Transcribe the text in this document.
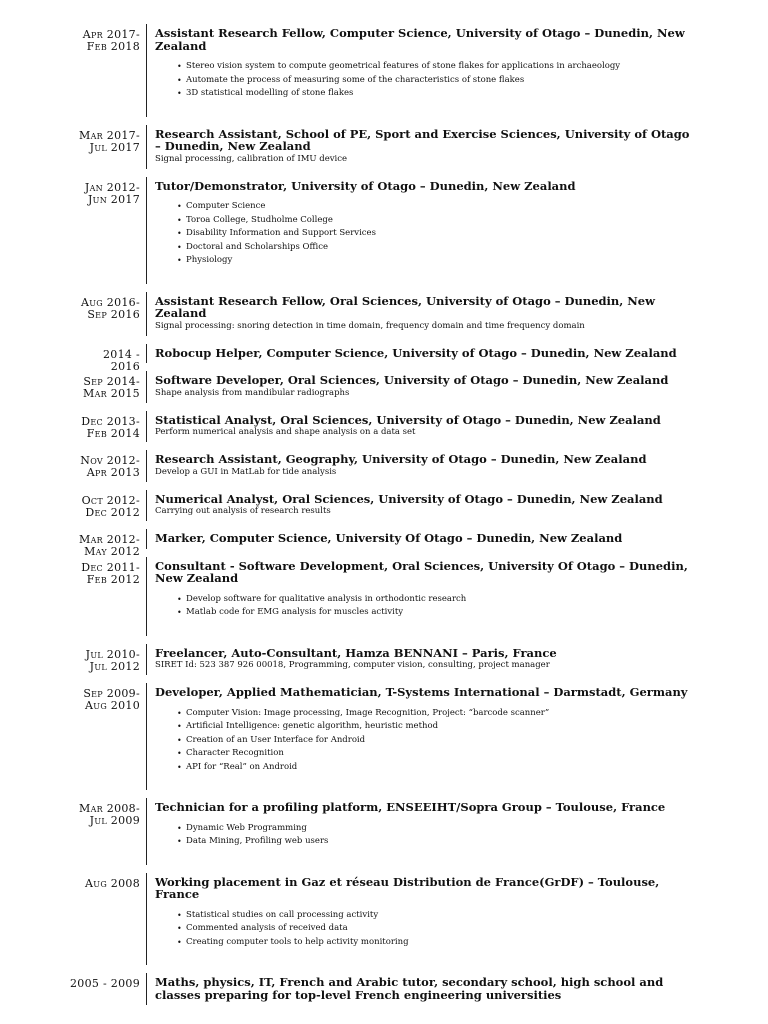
Apr 2017-
Feb 2018
Assistant Research Fellow, Computer Science, University of Otago – Dunedin, New Zealand
• Stereo vision system to compute geometrical features of stone flakes for applications in archaeology
• Automate the process of measuring some of the characteristics of stone flakes
• 3D statistical modelling of stone flakes
Mar 2017-
Jul 2017
Research Assistant, School of PE, Sport and Exercise Sciences, University of Otago – Dunedin, New Zealand
Signal processing, calibration of IMU device
Jan 2012-
Jun 2017
Tutor/Demonstrator, University of Otago – Dunedin, New Zealand
• Computer Science
• Toroa College, Studholme College
• Disability Information and Support Services
• Doctoral and Scholarships Office
• Physiology
Aug 2016-
Sep 2016
Assistant Research Fellow, Oral Sciences, University of Otago – Dunedin, New Zealand
Signal processing: snoring detection in time domain, frequency domain and time frequency domain
2014 -
2016
Robocup Helper, Computer Science, University of Otago – Dunedin, New Zealand
Sep 2014-
Mar 2015
Software Developer, Oral Sciences, University of Otago – Dunedin, New Zealand
Shape analysis from mandibular radiographs
Dec 2013-
Feb 2014
Statistical Analyst, Oral Sciences, University of Otago – Dunedin, New Zealand
Perform numerical analysis and shape analysis on a data set
Nov 2012-
Apr 2013
Research Assistant, Geography, University of Otago – Dunedin, New Zealand
Develop a GUI in MatLab for tide analysis
Oct 2012-
Dec 2012
Numerical Analyst, Oral Sciences, University of Otago – Dunedin, New Zealand
Carrying out analysis of research results
Mar 2012-
May 2012
Marker, Computer Science, University Of Otago – Dunedin, New Zealand
Dec 2011-
Feb 2012
Consultant - Software Development, Oral Sciences, University Of Otago – Dunedin, New Zealand
• Develop software for qualitative analysis in orthodontic research
• Matlab code for EMG analysis for muscles activity
Jul 2010-
Jul 2012
Freelancer, Auto-Consultant, Hamza BENNANI – Paris, France
SIRET Id: 523 387 926 00018, Programming, computer vision, consulting, project manager
Sep 2009-
Aug 2010
Developer, Applied Mathematician, T-Systems International – Darmstadt, Germany
• Computer Vision: Image processing, Image Recognition, Project: “barcode scanner”
• Artificial Intelligence: genetic algorithm, heuristic method
• Creation of an User Interface for Android
• Character Recognition
• API for “Real” on Android
Mar 2008-
Jul 2009
Technician for a profiling platform, ENSEEIHT/Sopra Group – Toulouse, France
• Dynamic Web Programming
• Data Mining, Profiling web users
Aug 2008 Working placement in Gaz et réseau Distribution de France(GrDF) – Toulouse, France
• Statistical studies on call processing activity
• Commented analysis of received data
• Creating computer tools to help activity monitoring
2005 - 2009 Maths, physics, IT, French and Arabic tutor, secondary school, high school and classes preparing for top-level French engineering universities
